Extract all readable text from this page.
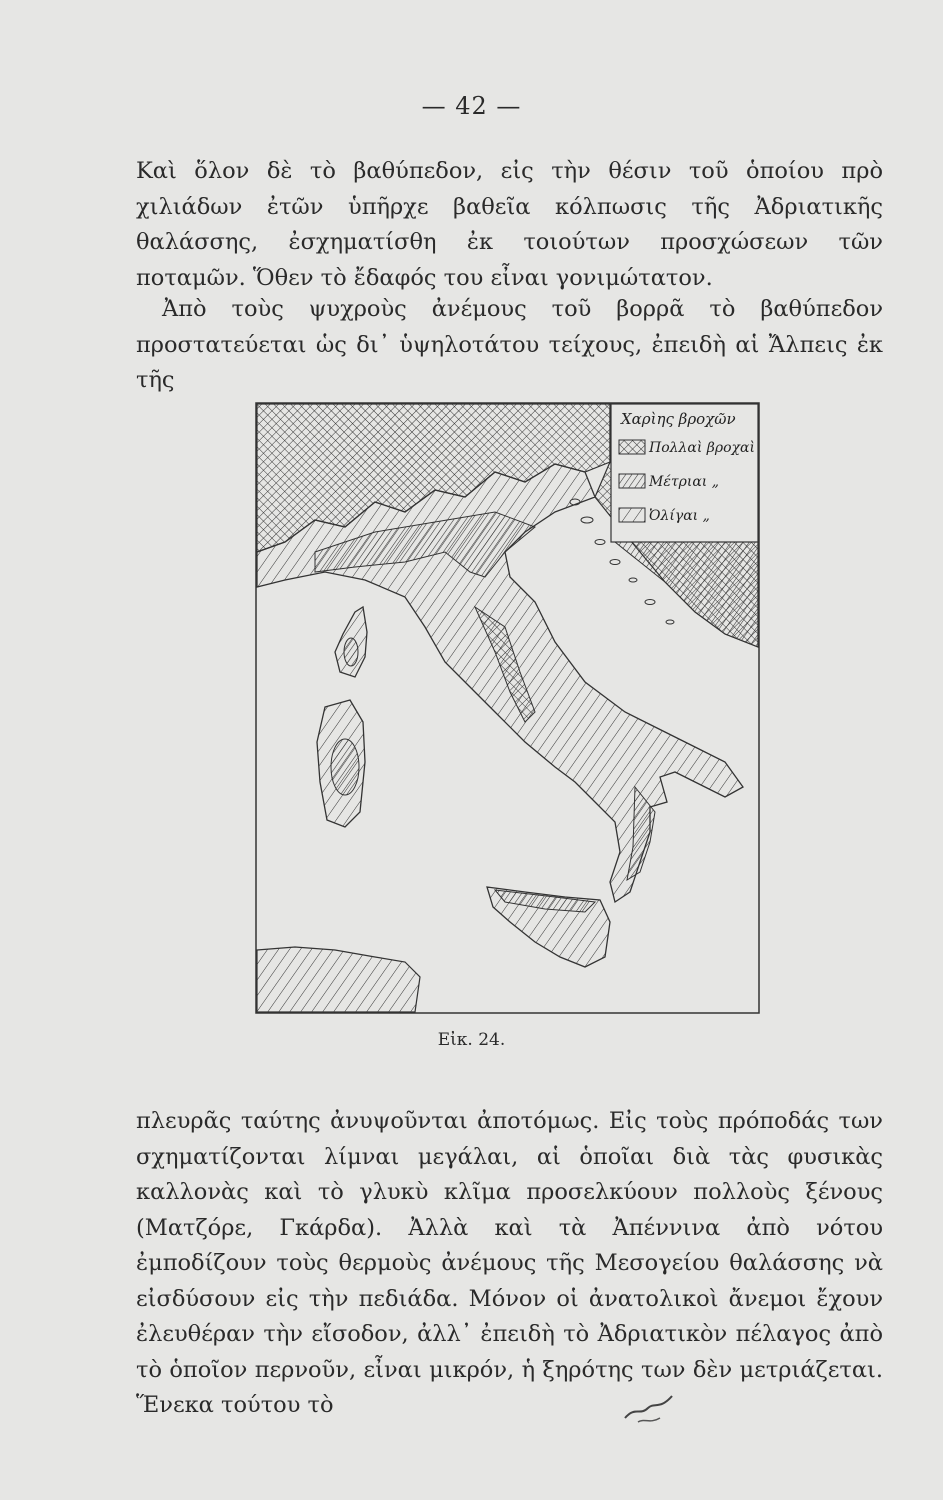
— 42 —

Καὶ ὅλον δὲ τὸ βαθύπεδον, εἰς τὴν θέσιν τοῦ ὁποίου πρὸ χιλιάδων ἐτῶν ὑπῆρχε βαθεῖα κόλπωσις τῆς Ἀδριατικῆς θαλάσσης, ἐσχηματίσθη ἐκ τοιούτων προσχώσεων τῶν ποταμῶν. Ὅθεν τὸ ἔδαφός του εἶναι γονιμώτατον.

Ἀπὸ τοὺς ψυχροὺς ἀνέμους τοῦ βορρᾶ τὸ βαθύπεδον προστατεύεται ὡς δι᾽ ὑψηλοτάτου τείχους, ἐπειδὴ αἱ Ἄλπεις ἐκ τῆς

Χαρὶης βροχῶν
Πολλαὶ βροχαὶ
Μέτριαι „
Ὀλίγαι „
Εἰκ. 24.

πλευρᾶς ταύτης ἀνυψοῦνται ἀποτόμως. Εἰς τοὺς πρόποδάς των σχηματίζονται λίμναι μεγάλαι, αἱ ὁποῖαι διὰ τὰς φυσικὰς καλλονὰς καὶ τὸ γλυκὺ κλῖμα προσελκύουν πολλοὺς ξένους (Ματζόρε, Γκάρδα). Ἀλλὰ καὶ τὰ Ἀπέννινα ἀπὸ νότου ἐμποδίζουν τοὺς θερμοὺς ἀνέμους τῆς Μεσογείου θαλάσσης νὰ εἰσδύσουν εἰς τὴν πεδιάδα. Μόνον οἱ ἀνατολικοὶ ἄνεμοι ἔχουν ἐλευθέραν τὴν εἴσοδον, ἀλλ᾽ ἐπειδὴ τὸ Ἀδριατικὸν πέλαγος ἀπὸ τὸ ὁποῖον περνοῦν, εἶναι μικρόν, ἡ ξηρότης των δὲν μετριάζεται. Ἕνεκα τούτου τὸ
